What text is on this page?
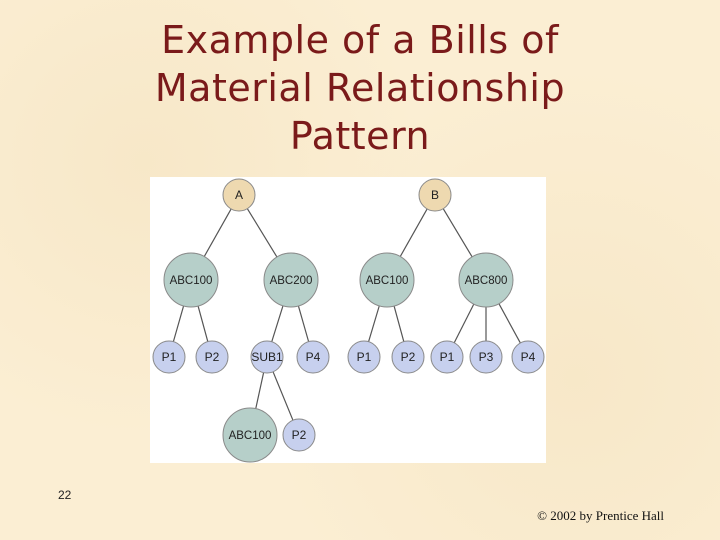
Example of a Bills of
Material Relationship
Pattern
A	B
ABC100	ABC200	ABC100	ABC800
P1 P2	SUB1 P4	P1 P2 P1 P3 P4
ABC100 P2
22
© 2002 by Prentice Hall
